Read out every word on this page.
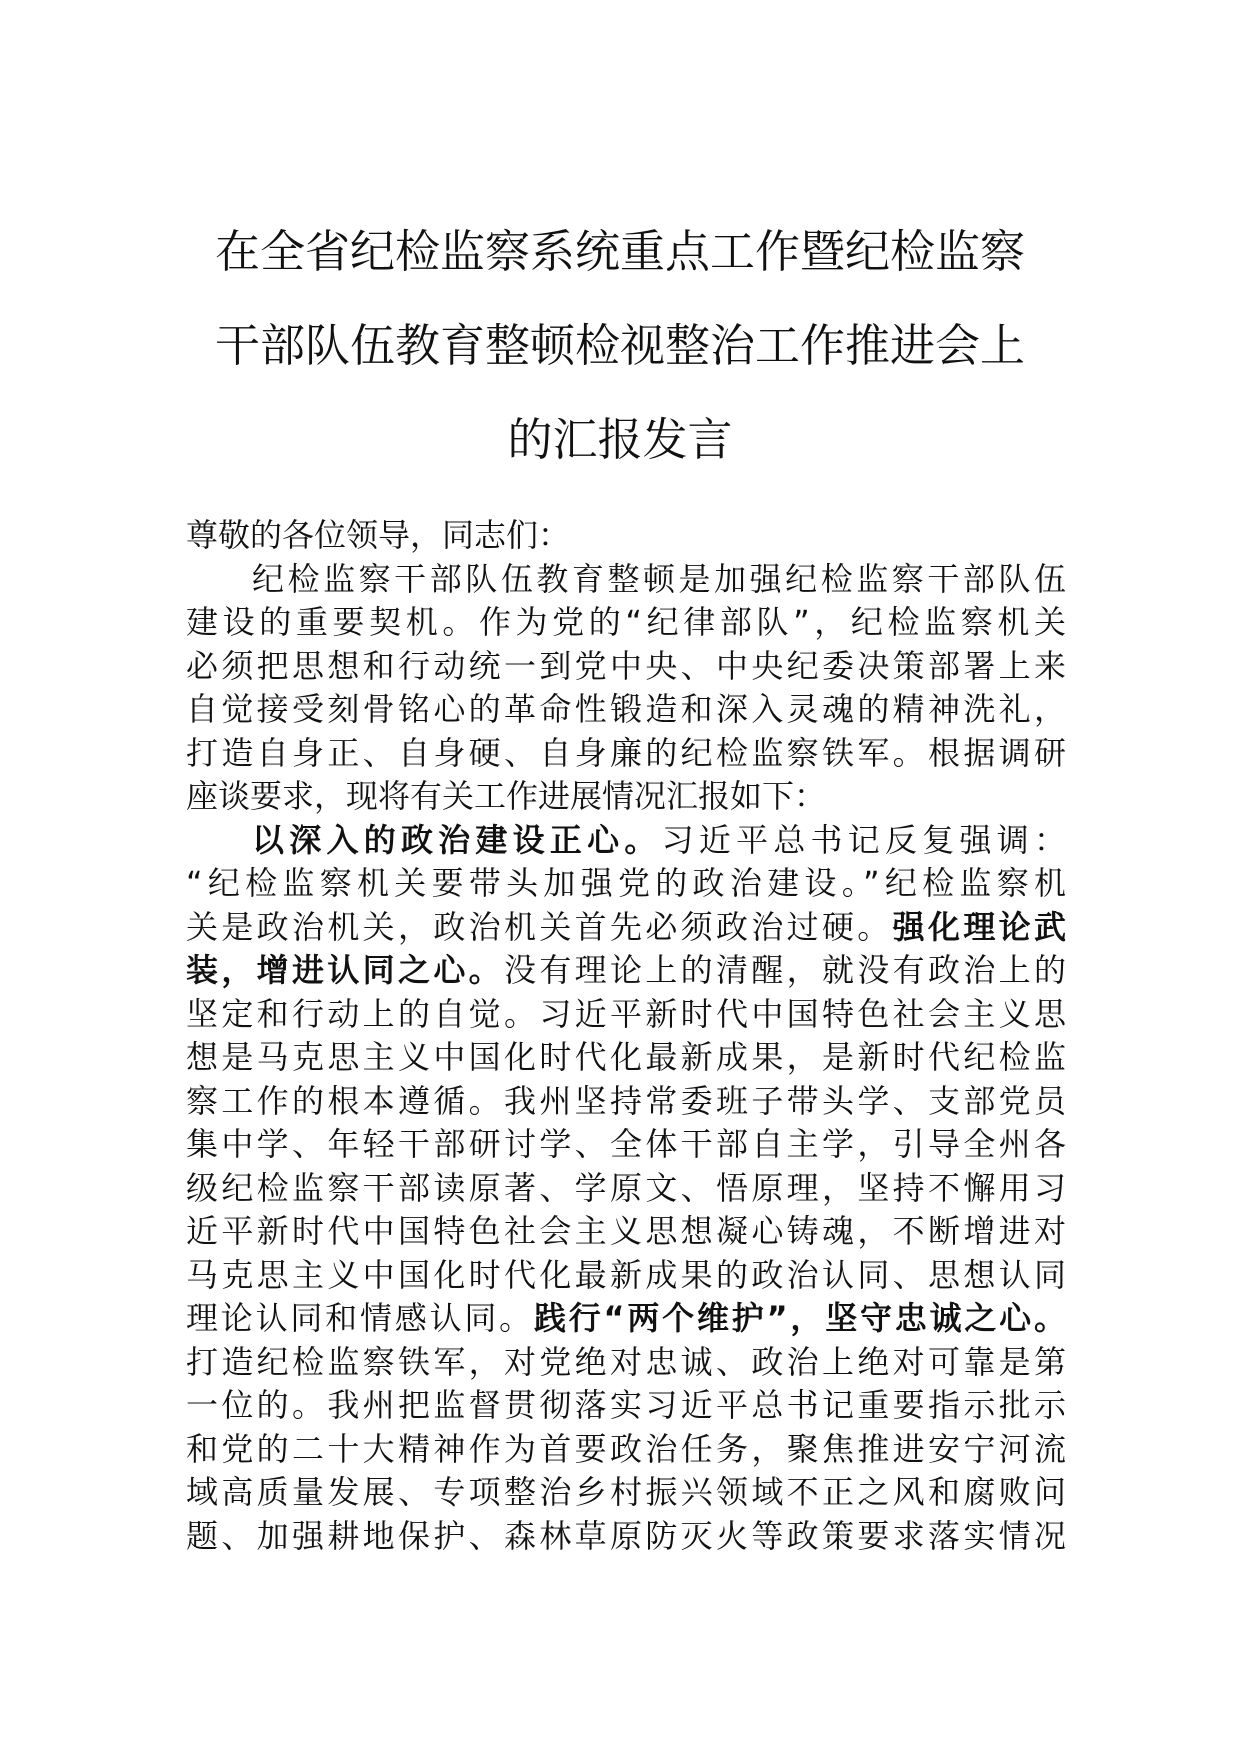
在全省纪检监察系统重点工作暨纪检监察
干部队伍教育整顿检视整治工作推进会上
的汇报发言
尊敬的各位领导，同志们：
纪检监察干部队伍教育整顿是加强纪检监察干部队伍
建设的重要契机。作为党的“纪律部队”，纪检监察机关
必须把思想和行动统一到党中央、中央纪委决策部署上来
自觉接受刻骨铭心的革命性锻造和深入灵魂的精神洗礼，
打造自身正、自身硬、自身廉的纪检监察铁军。根据调研
座谈要求，现将有关工作进展情况汇报如下：
以深入的政治建设正心。习近平总书记反复强调：
“纪检监察机关要带头加强党的政治建设。”纪检监察机
关是政治机关，政治机关首先必须政治过硬。强化理论武
装，增进认同之心。没有理论上的清醒，就没有政治上的
坚定和行动上的自觉。习近平新时代中国特色社会主义思
想是马克思主义中国化时代化最新成果，是新时代纪检监
察工作的根本遵循。我州坚持常委班子带头学、支部党员
集中学、年轻干部研讨学、全体干部自主学，引导全州各
级纪检监察干部读原著、学原文、悟原理，坚持不懈用习
近平新时代中国特色社会主义思想凝心铸魂，不断增进对
马克思主义中国化时代化最新成果的政治认同、思想认同
理论认同和情感认同。践行“两个维护”，坚守忠诚之心。
打造纪检监察铁军，对党绝对忠诚、政治上绝对可靠是第
一位的。我州把监督贯彻落实习近平总书记重要指示批示
和党的二十大精神作为首要政治任务，聚焦推进安宁河流
域高质量发展、专项整治乡村振兴领域不正之风和腐败问
题、加强耕地保护、森林草原防灭火等政策要求落实情况
